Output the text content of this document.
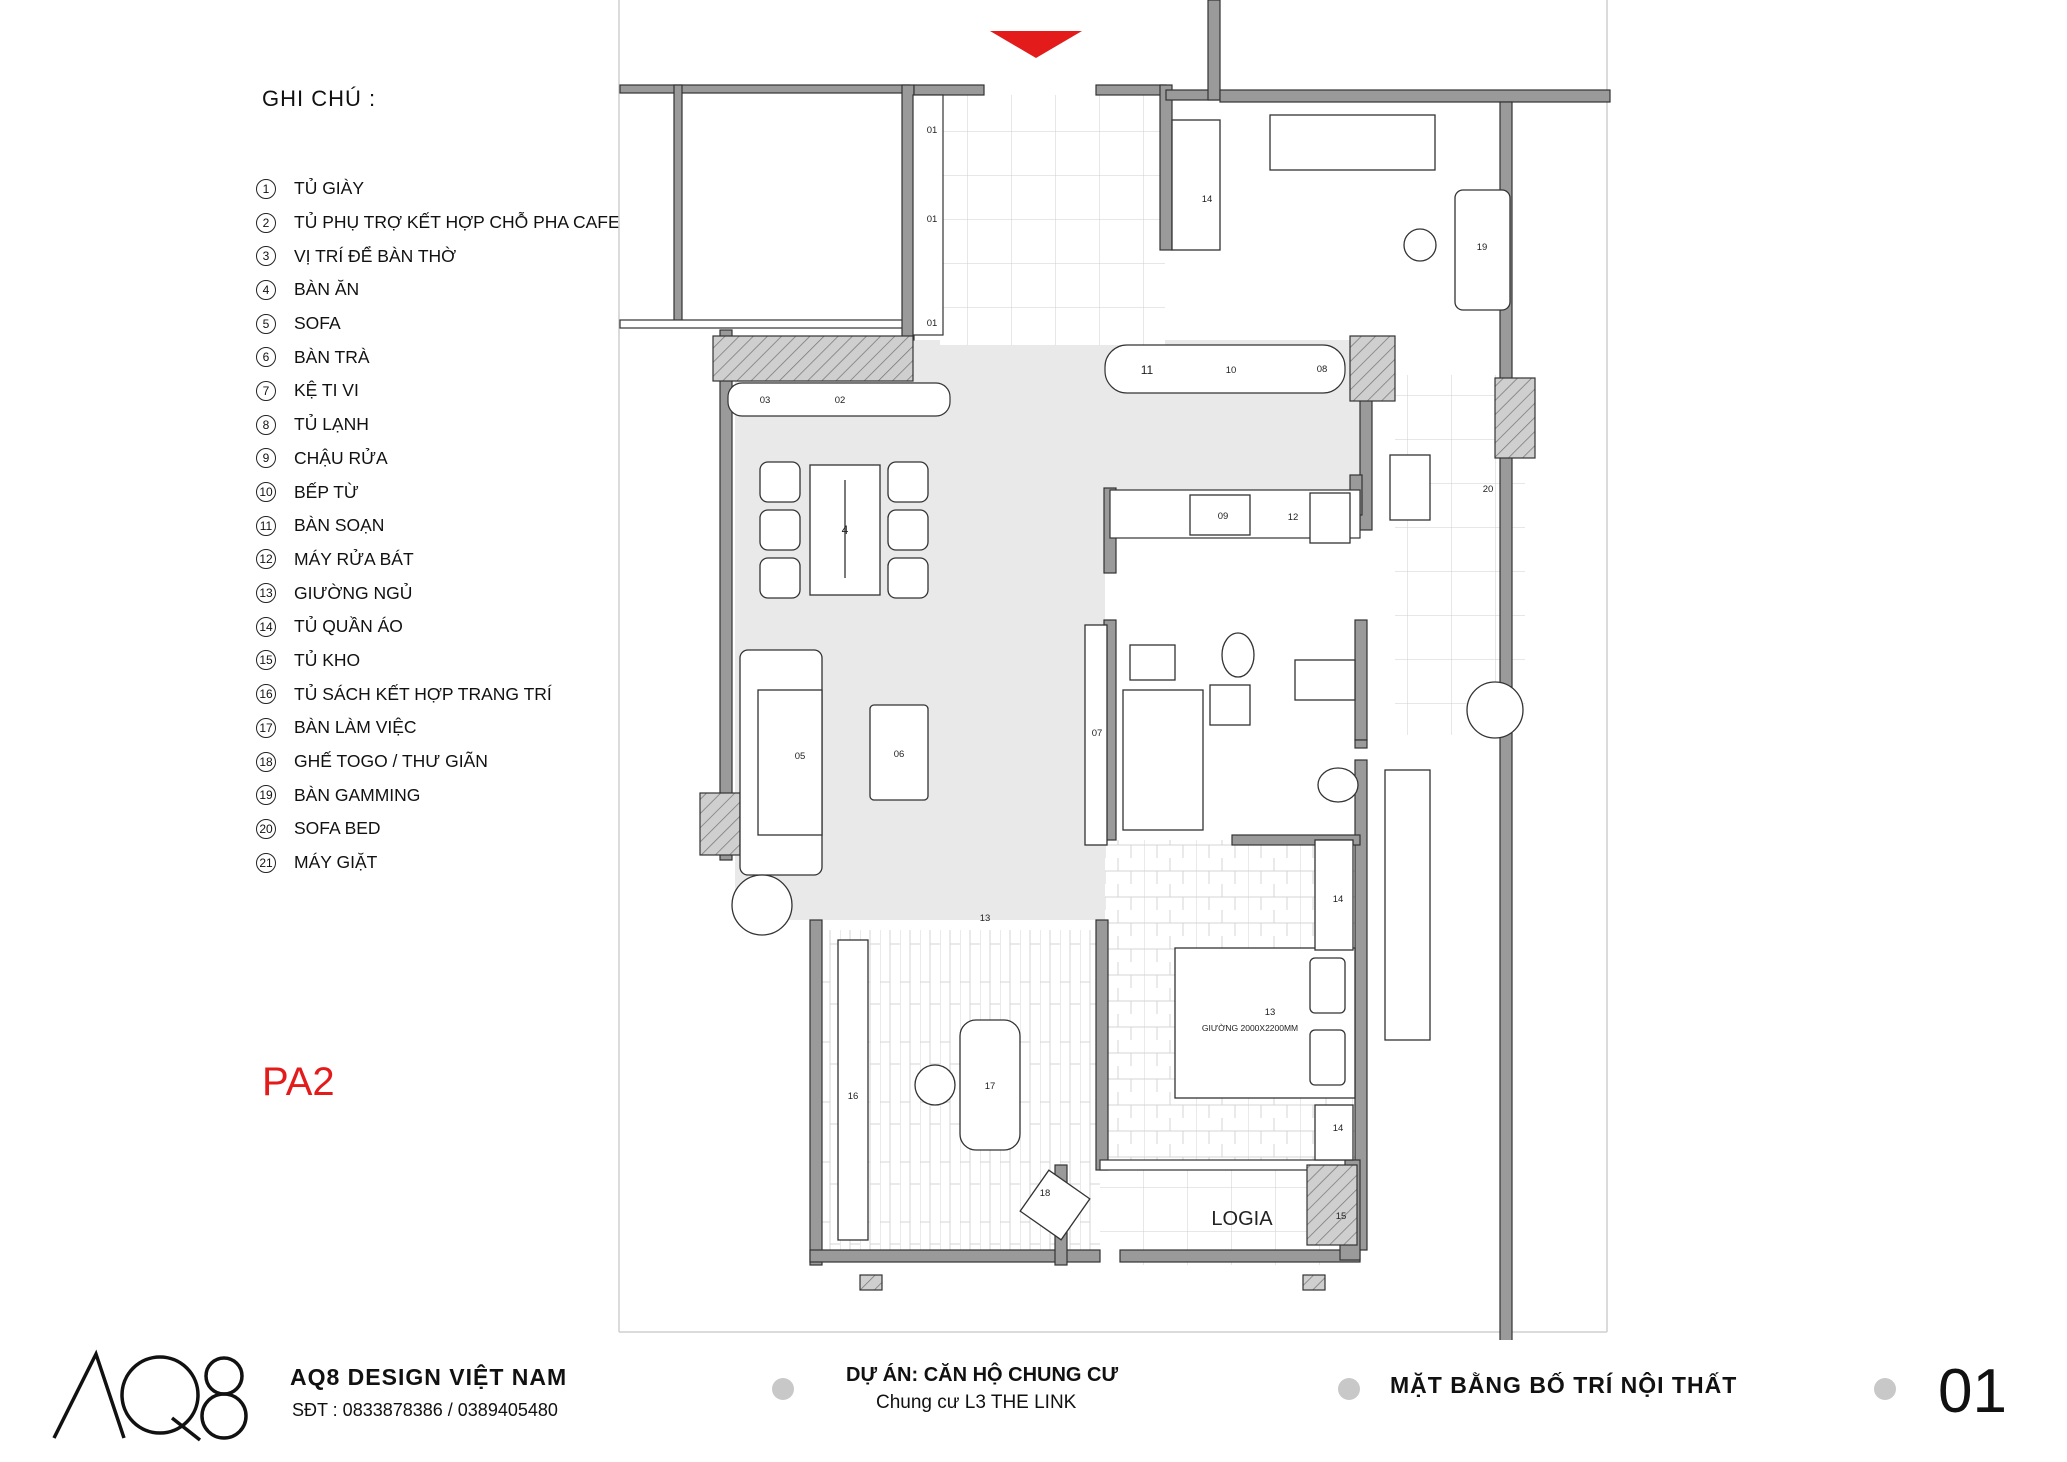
GHI CHÚ :
1	TỦ GIÀY
2	TỦ PHỤ TRỢ KẾT HỢP CHỖ PHA CAFE
3	VỊ TRÍ ĐỂ BÀN THỜ
4	BÀN ĂN
5	SOFA
6	BÀN TRÀ
7	KỆ TI VI
8	TỦ LẠNH
9	CHẬU RỬA
10 BẾP TỪ
11 BÀN SOẠN
12 MÁY RỬA BÁT
13 GIƯỜNG NGỦ
14 TỦ QUẦN ÁO
15 TỦ KHO
16 TỦ SÁCH KẾT HỢP TRANG TRÍ
17 BÀN LÀM VIỆC
18 GHẾ TOGO / THƯ GIÃN
19 BÀN GAMMING
20 SOFA BED
21 MÁY GIẶT
PA2
01
01
01
02
03
4
05	06
07
08
09
10
11
12
13
13
14
14
14
15
16
17
18
19
20
GIƯỜNG 2000X2200MM
LOGIA
AQ8 DESIGN VIỆT NAM
SĐT : 0833878386 / 0389405480
DỰ ÁN: CĂN HỘ CHUNG CƯ
Chung cư L3 THE LINK
MẶT BẰNG BỐ TRÍ NỘI THẤT	01
